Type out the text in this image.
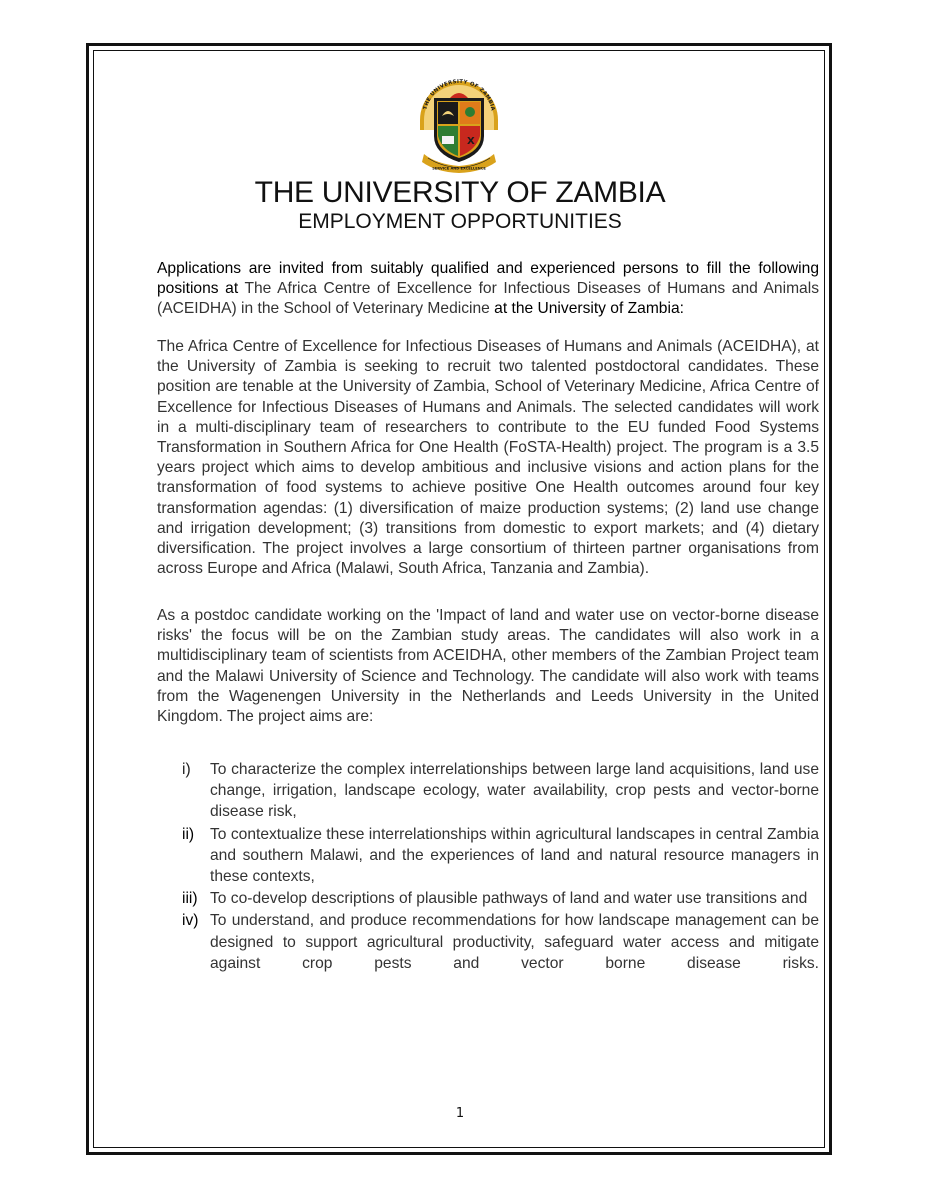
THE UNIVERSITY OF ZAMBIA
X
SERVICE AND EXCELLENCE
THE UNIVERSITY OF ZAMBIA
EMPLOYMENT OPPORTUNITIES

Applications are invited from suitably qualified and experienced persons to fill the following positions at The Africa Centre of Excellence for Infectious Diseases of Humans and Animals (ACEIDHA) in the School of Veterinary Medicine at the University of Zambia:

The Africa Centre of Excellence for Infectious Diseases of Humans and Animals (ACEIDHA), at the University of Zambia is seeking to recruit two talented postdoctoral candidates. These position are tenable at the University of Zambia, School of Veterinary Medicine, Africa Centre of Excellence for Infectious Diseases of Humans and Animals. The selected candidates will work in a multi-disciplinary team of researchers to contribute to the EU funded Food Systems Transformation in Southern Africa for One Health (FoSTA-Health) project. The program is a 3.5 years project which aims to develop ambitious and inclusive visions and action plans for the transformation of food systems to achieve positive One Health outcomes around four key transformation agendas: (1) diversification of maize production systems; (2) land use change and irrigation development; (3) transitions from domestic to export markets; and (4) dietary diversification. The project involves a large consortium of thirteen partner organisations from across Europe and Africa (Malawi, South Africa, Tanzania and Zambia).

As a postdoc candidate working on the 'Impact of land and water use on vector-borne disease risks' the focus will be on the Zambian study areas. The candidates will also work in a multidisciplinary team of scientists from ACEIDHA, other members of the Zambian Project team and the Malawi University of Science and Technology. The candidate will also work with teams from the Wagenengen University in the Netherlands and Leeds University in the United Kingdom. The project aims are:

i)	To characterize the complex interrelationships between large land acquisitions, land use change, irrigation, landscape ecology, water availability, crop pests and vector-borne disease risk,
ii)	To contextualize these interrelationships within agricultural landscapes in central Zambia and southern Malawi, and the experiences of land and natural resource managers in these contexts,
iii) To co-develop descriptions of plausible pathways of land and water use transitions and
iv) To understand, and produce recommendations for how landscape management can be designed to support agricultural productivity, safeguard water access and mitigate against crop pests and vector borne disease risks.
1
